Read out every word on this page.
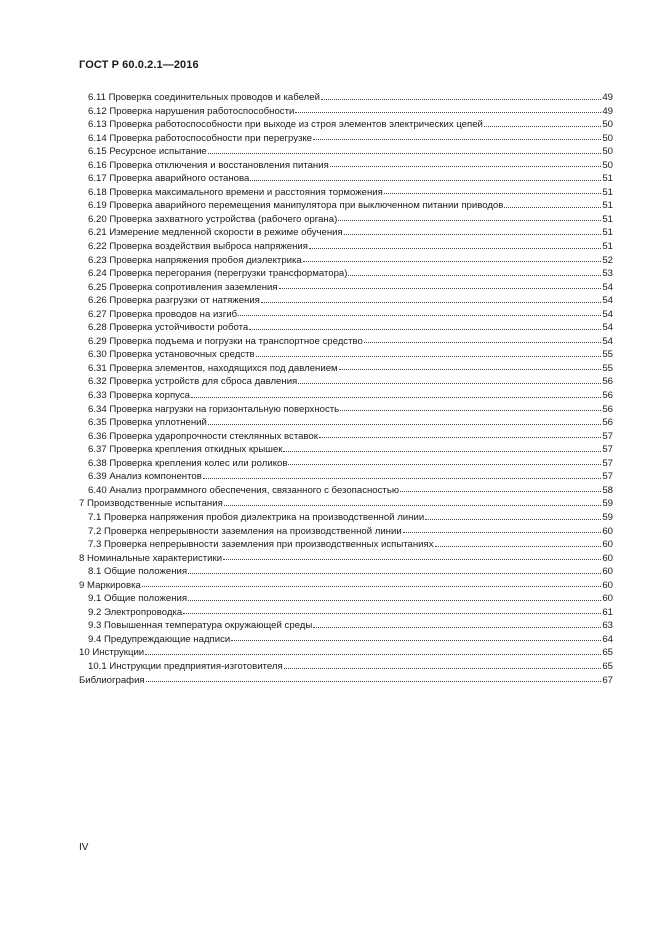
ГОСТ Р 60.0.2.1—2016
6.11 Проверка соединительных проводов и кабелей	49
6.12 Проверка нарушения работоспособности	49
6.13 Проверка работоспособности при выходе из строя элементов электрических цепей	50
6.14 Проверка работоспособности при перегрузке	50
6.15 Ресурсное испытание	50
6.16 Проверка отключения и восстановления питания	50
6.17 Проверка аварийного останова	51
6.18 Проверка максимального времени и расстояния торможения	51
6.19 Проверка аварийного перемещения манипулятора при выключенном питании приводов	51
6.20 Проверка захватного устройства (рабочего органа)	51
6.21 Измерение медленной скорости в режиме обучения	51
6.22 Проверка воздействия выброса напряжения	51
6.23 Проверка напряжения пробоя диэлектрика	52
6.24 Проверка перегорания (перегрузки трансформатора)	53
6.25 Проверка сопротивления заземления	54
6.26 Проверка разгрузки от натяжения	54
6.27 Проверка проводов на изгиб	54
6.28 Проверка устойчивости робота	54
6.29 Проверка подъема и погрузки на транспортное средство	54
6.30 Проверка установочных средств	55
6.31 Проверка элементов, находящихся под давлением	55
6.32 Проверка устройств для сброса давления	56
6.33 Проверка корпуса	56
6.34 Проверка нагрузки на горизонтальную поверхность	56
6.35 Проверка уплотнений	56
6.36 Проверка ударопрочности стеклянных вставок	57
6.37 Проверка крепления откидных крышек	57
6.38 Проверка крепления колес или роликов	57
6.39 Анализ компонентов	57
6.40 Анализ программного обеспечения, связанного с безопасностью	58
7 Производственные испытания	59
7.1 Проверка напряжения пробоя диэлектрика на производственной линии	59
7.2 Проверка непрерывности заземления на производственной линии	60
7.3 Проверка непрерывности заземления при производственных испытаниях	60
8 Номинальные характеристики	60
8.1 Общие положения	60
9 Маркировка	60
9.1 Общие положения	60
9.2 Электропроводка	61
9.3 Повышенная температура окружающей среды	63
9.4 Предупреждающие надписи	64
10 Инструкции	65
10.1 Инструкции предприятия-изготовителя	65
Библиография	67
IV
